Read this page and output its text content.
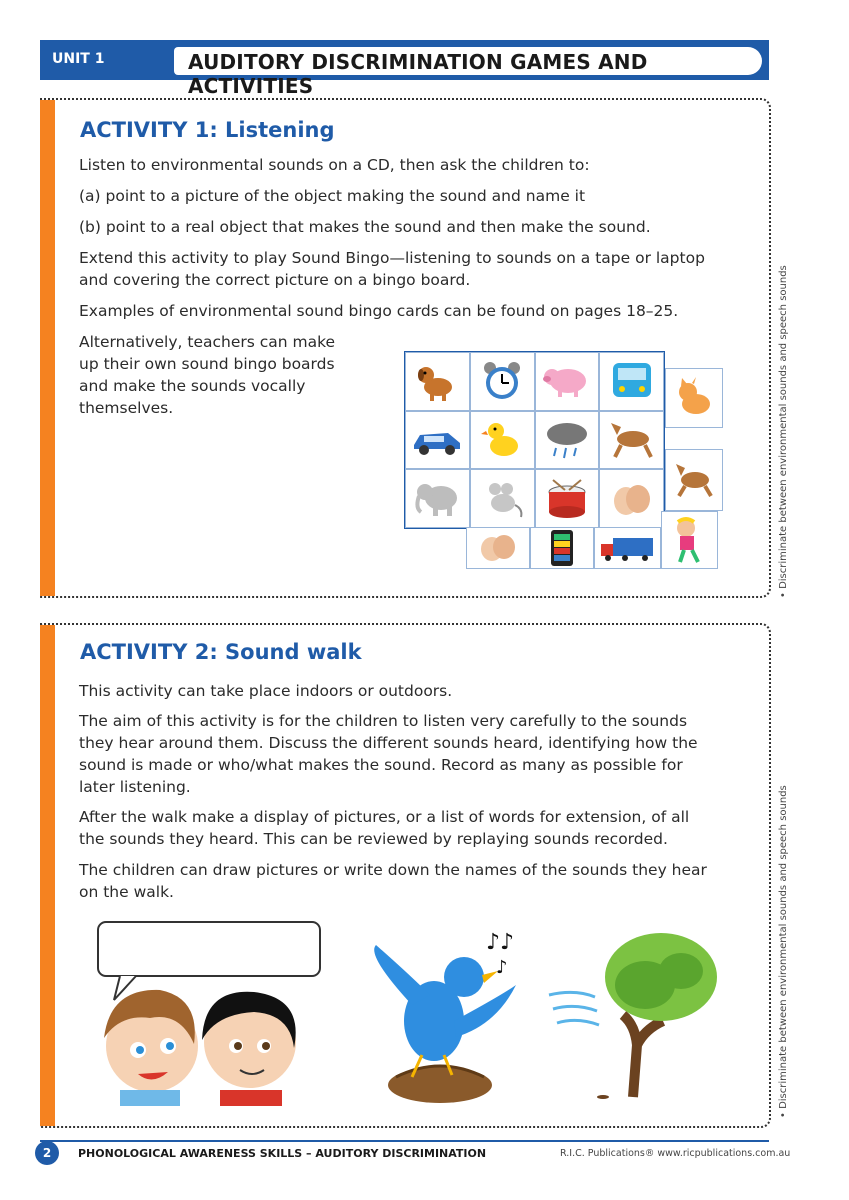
UNIT 1	AUDITORY DISCRIMINATION GAMES AND ACTIVITIES
ACTIVITY 1: Listening
Listen to environmental sounds on a CD, then ask the children to:
(a) point to a picture of the object making the sound and name it
(b) point to a real object that makes the sound and then make the sound.
Extend this activity to play Sound Bingo—listening to sounds on a tape or laptop
and covering the correct picture on a bingo board.
Examples of environmental sound bingo cards can be found on pages 18–25.
Alternatively, teachers can make
up their own sound bingo boards
and make the sounds vocally
themselves.
ACTIVITY 2: Sound walk
This activity can take place indoors or outdoors.
The aim of this activity is for the children to listen very carefully to the sounds
they hear around them. Discuss the different sounds heard, identifying how the
sound is made or who/what makes the sound. Record as many as possible for
later listening.
After the walk make a display of pictures, or a list of words for extension, of all
the sounds they heard. This can be reviewed by replaying sounds recorded.
The children can draw pictures or write down the names of the sounds they hear
on the walk.
♪♪
♪
• Discriminate between environmental sounds and speech sounds
• Discriminate between environmental sounds and speech sounds
2	PHONOLOGICAL AWARENESS SKILLS – AUDITORY DISCRIMINATION	R.I.C. Publications® www.ricpublications.com.au
